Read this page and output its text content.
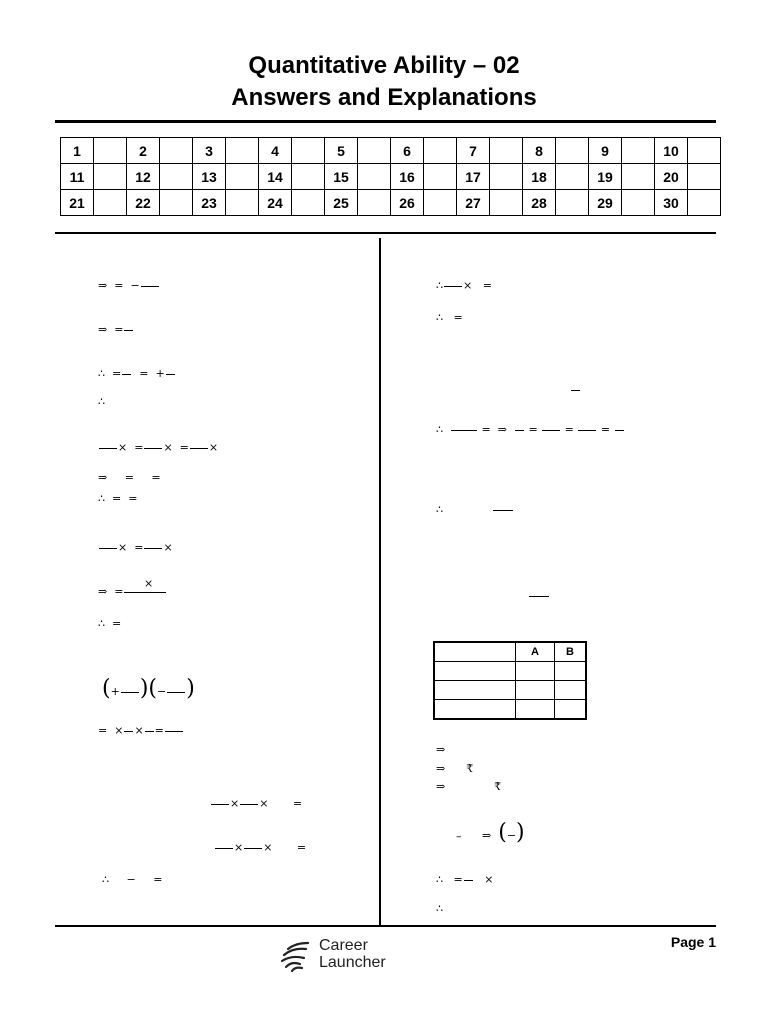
Quantitative Ability – 02
Answers and Explanations
1		2		3		4		5		6		7		8		9		10	
11		12		13		14		15		16		17		18		19		20	
21		22		23		24		25		26		27		28		29		30	
⇒ = −
⇒ =
∴ = = +
∴
× = × = ×
⇒ = =
∴ = =
× = ×
×
⇒ =
∴ =
(+ )(− )
= × × =
× × =
× × =
∴ − =
∴ × =
∴ =
∴	= ⇒ = = =
∴
	A	B

⇒
⇒ ₹
⇒	₹
– ⇒ (−)
∴ = ×
∴
Career
Launcher
Page 1
